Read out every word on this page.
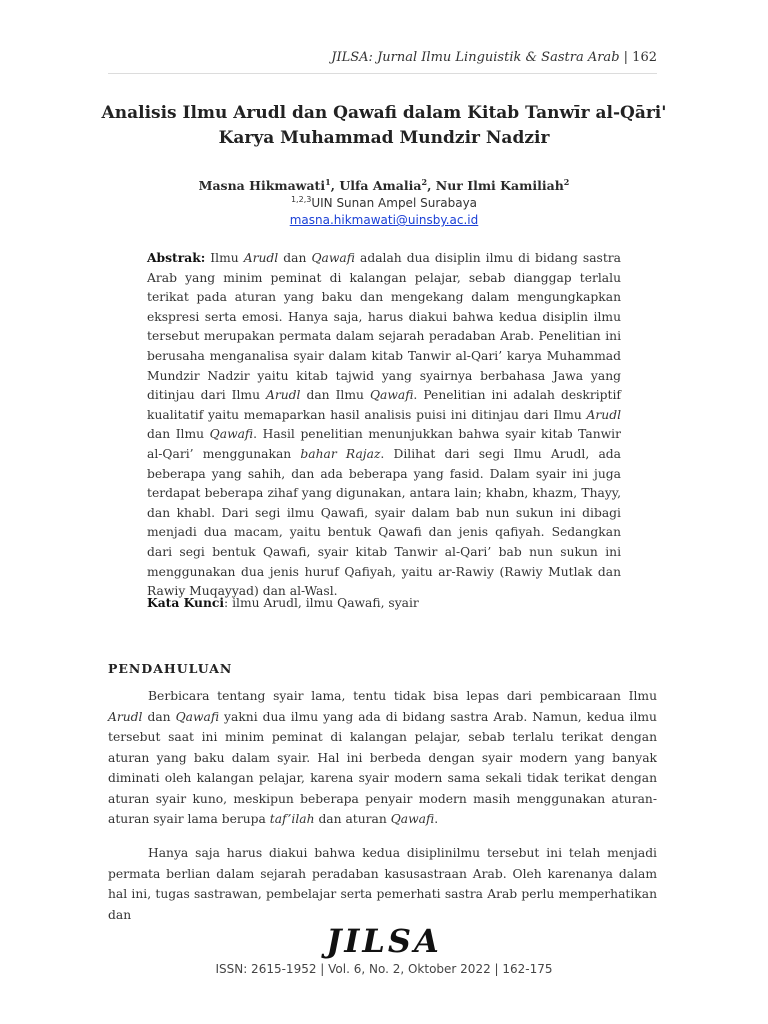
JILSA: Jurnal Ilmu Linguistik & Sastra Arab | 162
Analisis Ilmu Arudl dan Qawafi dalam Kitab Tanwīr al-Qāri'
Karya Muhammad Mundzir Nadzir
Masna Hikmawati$^1$, Ulfa Amalia$^2$, Nur Ilmi Kamiliah$^2$
$^{1,2,3}$UIN Sunan Ampel Surabaya
masna.hikmawati@uinsby.ac.id
Abstrak: Ilmu Arudl dan Qawafi adalah dua disiplin ilmu di bidang sastra Arab yang minim peminat di kalangan pelajar, sebab dianggap terlalu terikat pada aturan yang baku dan mengekang dalam mengungkapkan ekspresi serta emosi. Hanya saja, harus diakui bahwa kedua disiplin ilmu tersebut merupakan permata dalam sejarah peradaban Arab. Penelitian ini berusaha menganalisa syair dalam kitab Tanwir al-Qari’ karya Muhammad Mundzir Nadzir yaitu kitab tajwid yang syairnya berbahasa Jawa yang ditinjau dari Ilmu Arudl dan Ilmu Qawafi. Penelitian ini adalah deskriptif kualitatif yaitu memaparkan hasil analisis puisi ini ditinjau dari Ilmu Arudl dan Ilmu Qawafi. Hasil penelitian menunjukkan bahwa syair kitab Tanwir al-Qari’ menggunakan bahar Rajaz. Dilihat dari segi Ilmu Arudl, ada beberapa yang sahih, dan ada beberapa yang fasid. Dalam syair ini juga terdapat beberapa zihaf yang digunakan, antara lain; khabn, khazm, Thayy, dan khabl. Dari segi ilmu Qawafi, syair dalam bab nun sukun ini dibagi menjadi dua macam, yaitu bentuk Qawafi dan jenis qafiyah. Sedangkan dari segi bentuk Qawafi, syair kitab Tanwir al-Qari’ bab nun sukun ini menggunakan dua jenis huruf Qafiyah, yaitu ar-Rawiy (Rawiy Mutlak dan Rawiy Muqayyad) dan al-Wasl.
Kata Kunci: ilmu Arudl, ilmu Qawafi, syair
PENDAHULUAN
Berbicara tentang syair lama, tentu tidak bisa lepas dari pembicaraan Ilmu Arudl dan Qawafi yakni dua ilmu yang ada di bidang sastra Arab. Namun, kedua ilmu tersebut saat ini minim peminat di kalangan pelajar, sebab terlalu terikat dengan aturan yang baku dalam syair. Hal ini berbeda dengan syair modern yang banyak diminati oleh kalangan pelajar, karena syair modern sama sekali tidak terikat dengan aturan syair kuno, meskipun beberapa penyair modern masih menggunakan aturan-aturan syair lama berupa taf’ilah dan aturan Qawafi.
Hanya saja harus diakui bahwa kedua disiplinilmu tersebut ini telah menjadi permata berlian dalam sejarah peradaban kasusastraan Arab. Oleh karenanya dalam hal ini, tugas sastrawan, pembelajar serta pemerhati sastra Arab perlu memperhatikan dan
JILSA
ISSN: 2615-1952 | Vol. 6, No. 2, Oktober 2022 | 162-175
